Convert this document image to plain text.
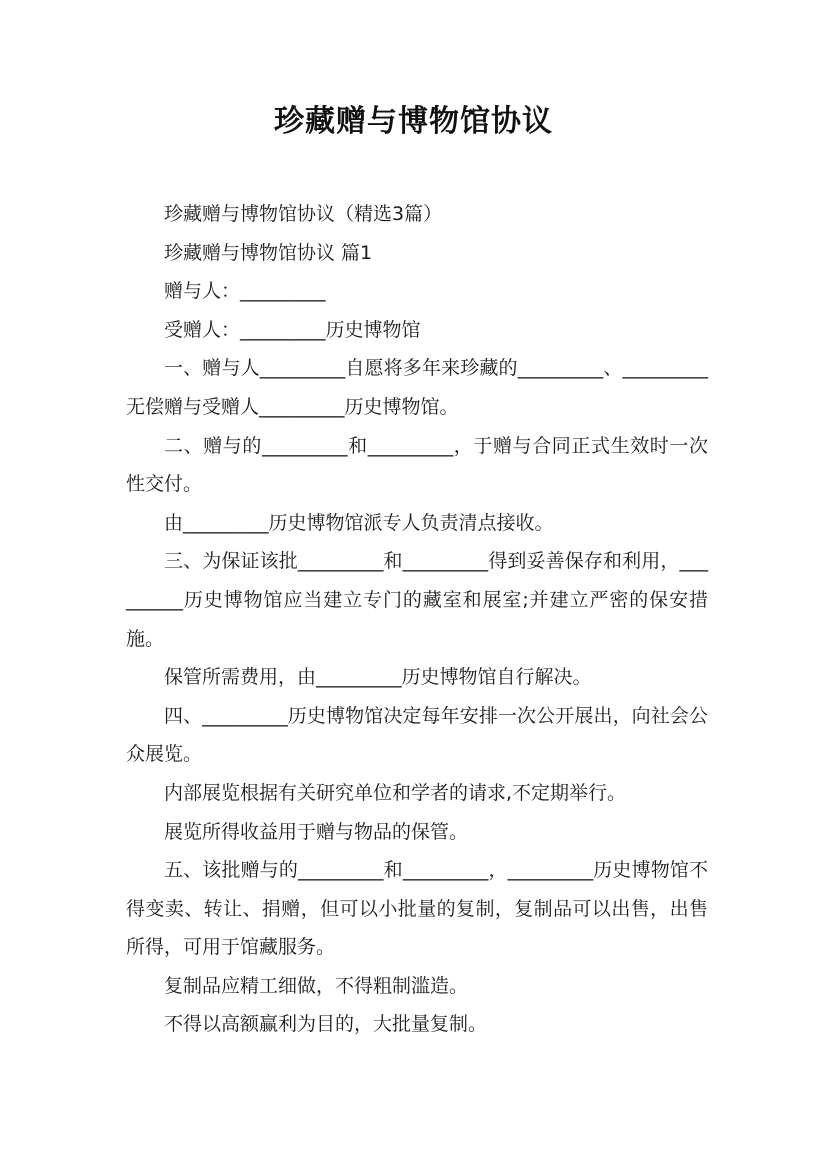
珍藏赠与博物馆协议

珍藏赠与博物馆协议（精选3篇）

珍藏赠与博物馆协议 篇1

赠与人：_________

受赠人：_________历史博物馆

一、赠与人_________自愿将多年来珍藏的_________、_________无偿赠与受赠人_________历史博物馆。

二、赠与的_________和_________，于赠与合同正式生效时一次性交付。

由_________历史博物馆派专人负责清点接收。

三、为保证该批_________和_________得到妥善保存和利用，_________历史博物馆应当建立专门的藏室和展室;并建立严密的保安措施。

保管所需费用，由_________历史博物馆自行解决。

四、_________历史博物馆决定每年安排一次公开展出，向社会公众展览。

内部展览根据有关研究单位和学者的请求,不定期举行。

展览所得收益用于赠与物品的保管。

五、该批赠与的_________和_________，_________历史博物馆不得变卖、转让、捐赠，但可以小批量的复制，复制品可以出售，出售所得，可用于馆藏服务。

复制品应精工细做，不得粗制滥造。

不得以高额赢利为目的，大批量复制。
